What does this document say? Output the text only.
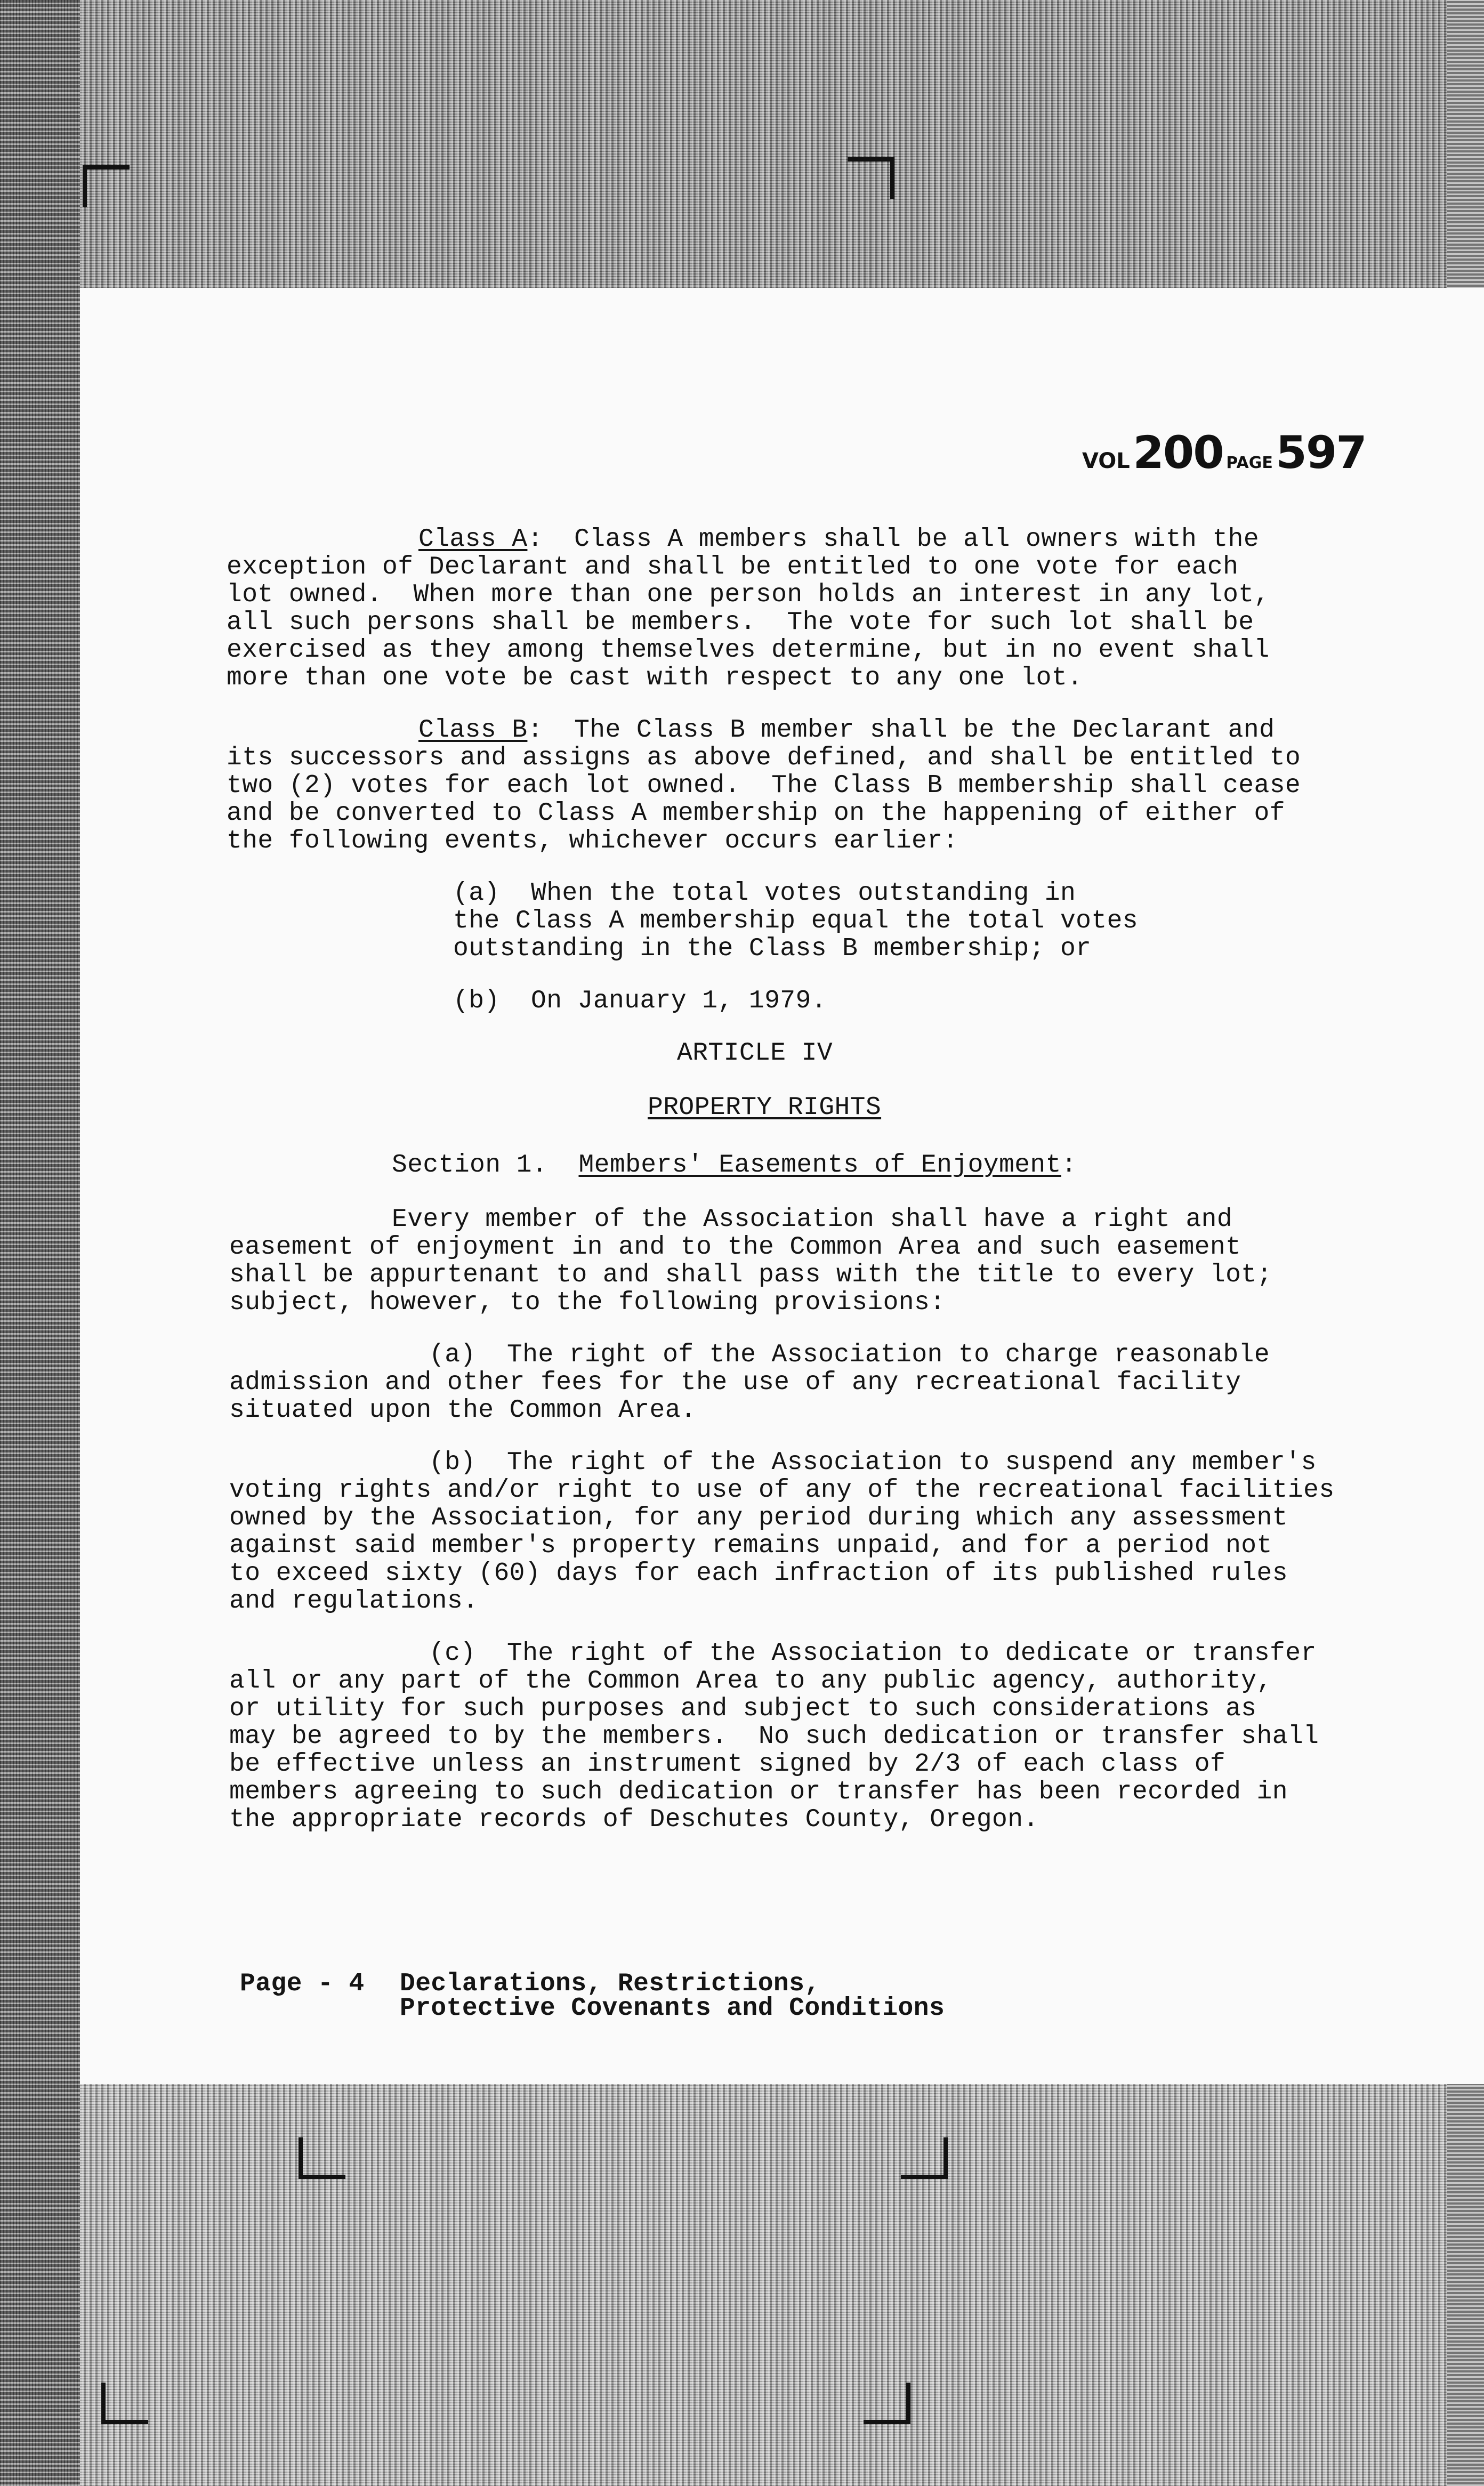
VOL 200 PAGE 597
Class A:  Class A members shall be all owners with the
exception of Declarant and shall be entitled to one vote for each
lot owned.  When more than one person holds an interest in any lot,
all such persons shall be members.  The vote for such lot shall be
exercised as they among themselves determine, but in no event shall
more than one vote be cast with respect to any one lot.
Class B:  The Class B member shall be the Declarant and
its successors and assigns as above defined, and shall be entitled to
two (2) votes for each lot owned.  The Class B membership shall cease
and be converted to Class A membership on the happening of either of
the following events, whichever occurs earlier:
(a)  When the total votes outstanding in
the Class A membership equal the total votes
outstanding in the Class B membership; or
(b)  On January 1, 1979.
ARTICLE IV
PROPERTY RIGHTS
Section 1. Members' Easements of Enjoyment:
Every member of the Association shall have a right and
easement of enjoyment in and to the Common Area and such easement
shall be appurtenant to and shall pass with the title to every lot;
subject, however, to the following provisions:
(a)  The right of the Association to charge reasonable
admission and other fees for the use of any recreational facility
situated upon the Common Area.
(b)  The right of the Association to suspend any member's
voting rights and/or right to use of any of the recreational facilities
owned by the Association, for any period during which any assessment
against said member's property remains unpaid, and for a period not
to exceed sixty (60) days for each infraction of its published rules
and regulations.
(c)  The right of the Association to dedicate or transfer
all or any part of the Common Area to any public agency, authority,
or utility for such purposes and subject to such considerations as
may be agreed to by the members.  No such dedication or transfer shall
be effective unless an instrument signed by 2/3 of each class of
members agreeing to such dedication or transfer has been recorded in
the appropriate records of Deschutes County, Oregon.
Page - 4 Declarations, Restrictions,
Protective Covenants and Conditions
